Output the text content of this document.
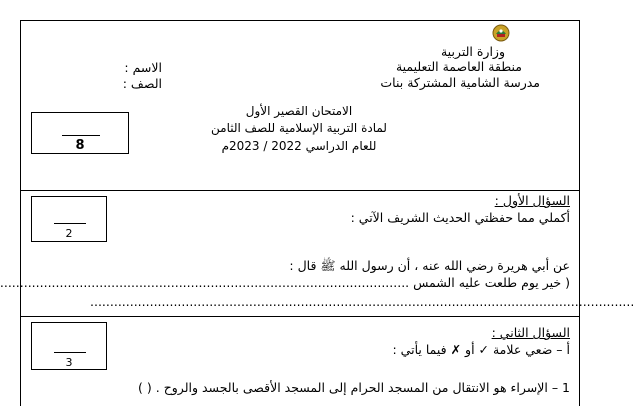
وزارة التربية
منطقة العاصمة التعليمية
مدرسة الشامية المشتركة بنات
الاسم :
الصف :
الامتحان القصير الأول
لمادة التربية الإسلامية للصف الثامن
للعام الدراسي 2022 / 2023م
8
2
السؤال الأول :
أكملي مما حفظتي الحديث الشريف الآتي :
عن أبي هريرة رضي الله عنه ، أن رسول الله ﷺ قال :
( خير يوم طلعت عليه الشمس .......................................................................................................
.........................................................................................................................................
3
السؤال الثاني :
أ – ضعي علامة ✓ أو ✗ فيما يأتي :
1 – الإسراء هو الانتقال من المسجد الحرام إلى المسجد الأقصى بالجسد والروح . ( )
